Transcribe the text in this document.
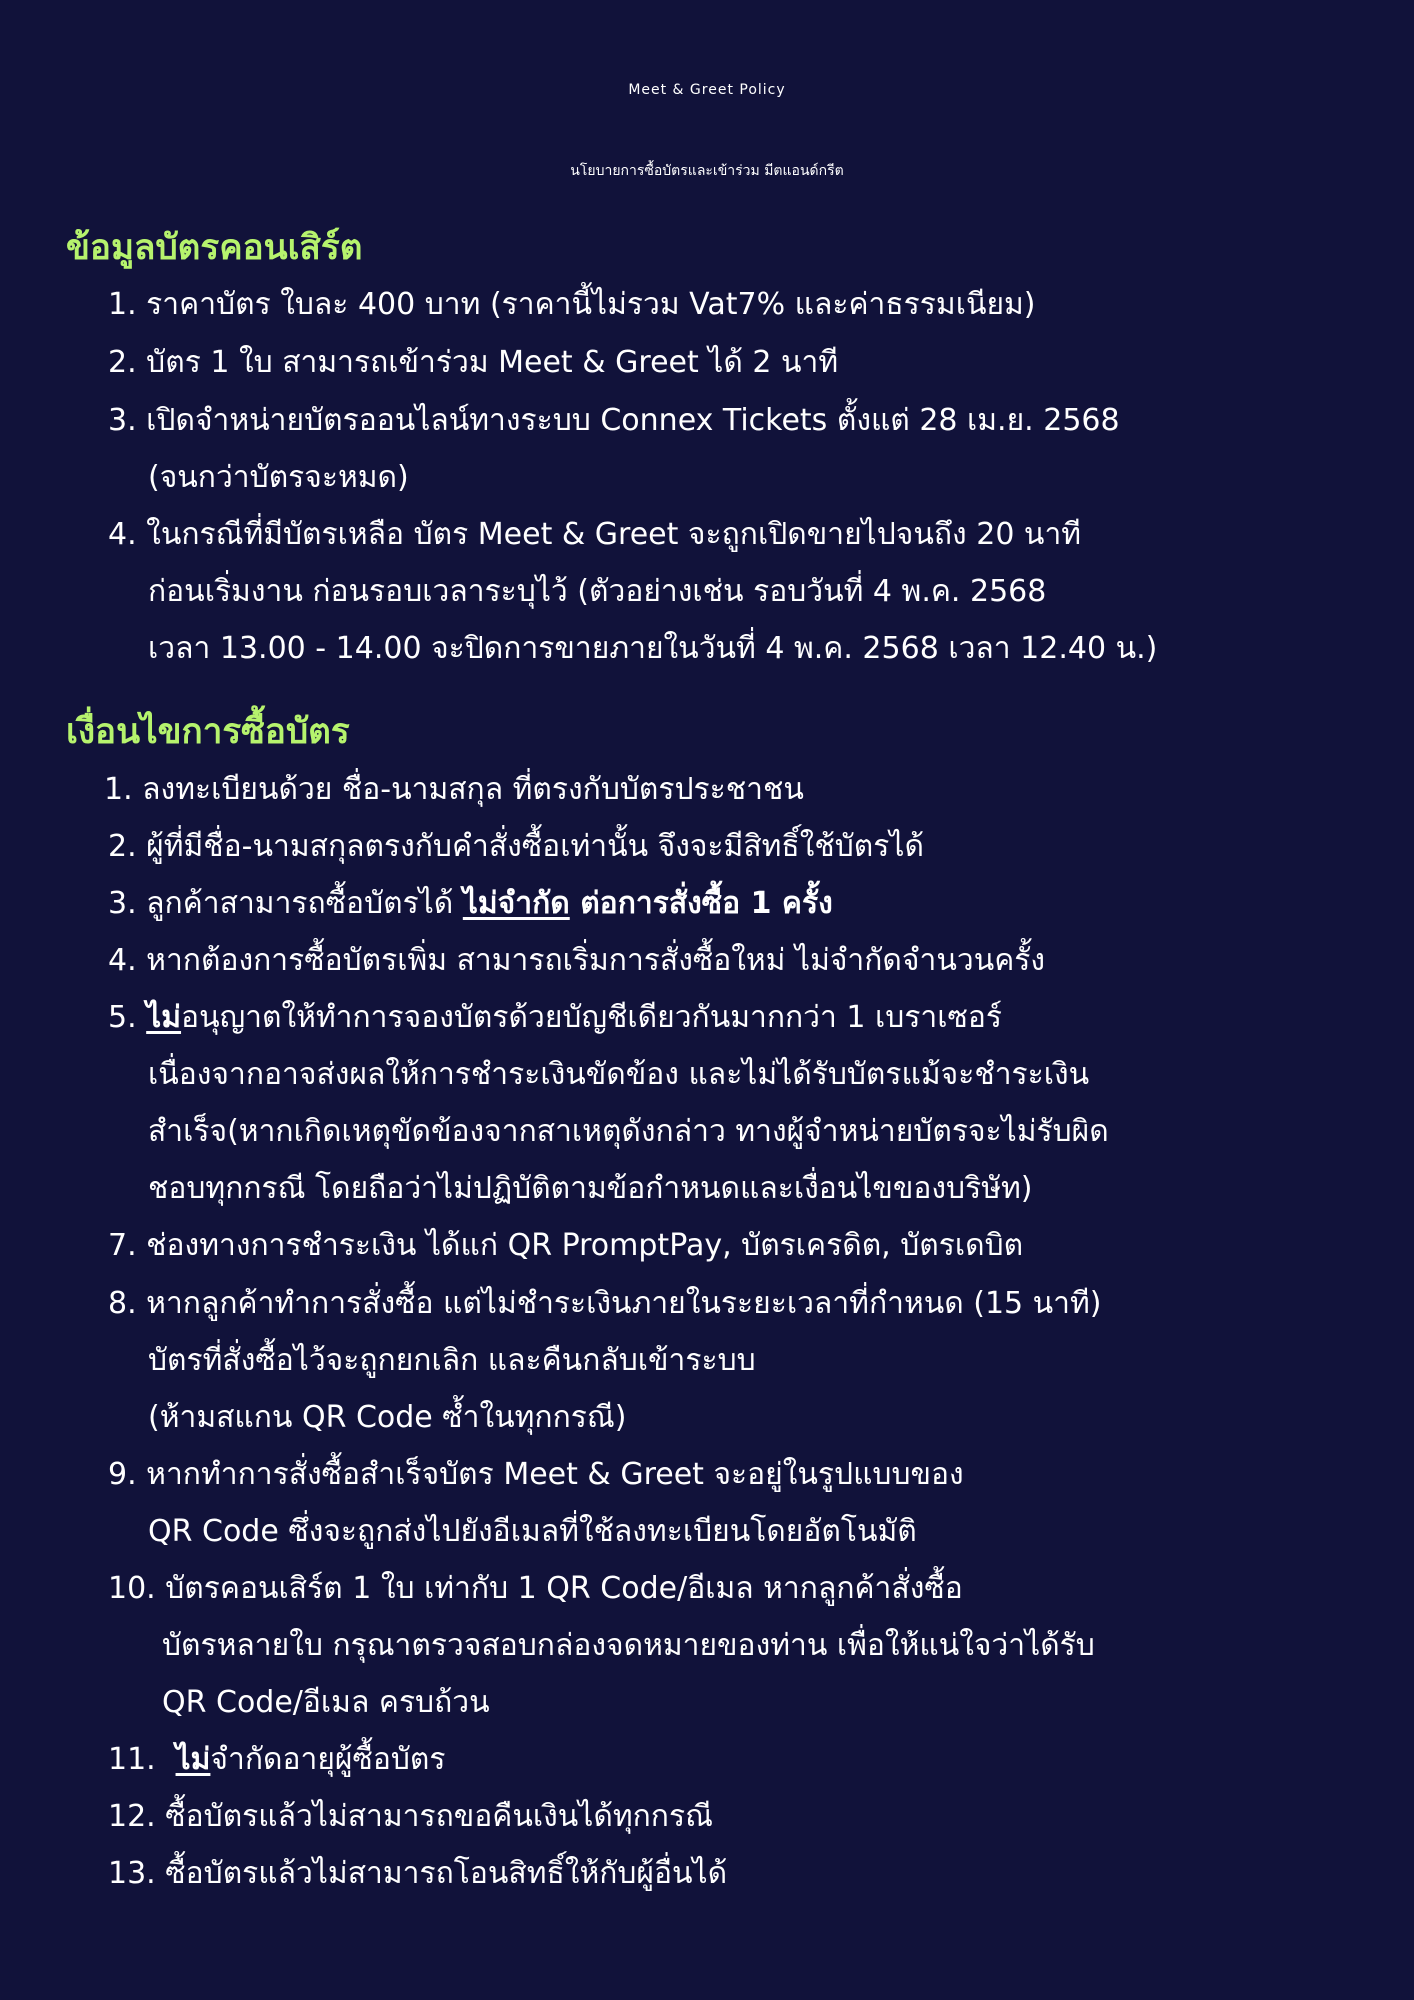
Meet & Greet Policy
นโยบายการซื้อบัตรและเข้าร่วม มีตแอนด์กรีต
ข้อมูลบัตรคอนเสิร์ต
1. ราคาบัตร ใบละ 400 บาท (ราคานี้ไม่รวม Vat7% และค่าธรรมเนียม)
2. บัตร 1 ใบ สามารถเข้าร่วม Meet & Greet ได้ 2 นาที
3. เปิดจำหน่ายบัตรออนไลน์ทางระบบ Connex Tickets ตั้งแต่ 28 เม.ย. 2568
(จนกว่าบัตรจะหมด)
4. ในกรณีที่มีบัตรเหลือ บัตร Meet & Greet จะถูกเปิดขายไปจนถึง 20 นาที
ก่อนเริ่มงาน ก่อนรอบเวลาระบุไว้ (ตัวอย่างเช่น รอบวันที่ 4 พ.ค. 2568
เวลา 13.00 - 14.00 จะปิดการขายภายในวันที่ 4 พ.ค. 2568 เวลา 12.40 น.)
เงื่อนไขการซื้อบัตร
1. ลงทะเบียนด้วย ชื่อ-นามสกุล ที่ตรงกับบัตรประชาชน
2. ผู้ที่มีชื่อ-นามสกุลตรงกับคำสั่งซื้อเท่านั้น จึงจะมีสิทธิ์ใช้บัตรได้
3. ลูกค้าสามารถซื้อบัตรได้ ไม่จำกัด ต่อการสั่งซื้อ 1 ครั้ง
4. หากต้องการซื้อบัตรเพิ่ม สามารถเริ่มการสั่งซื้อใหม่ ไม่จำกัดจำนวนครั้ง
5. ไม่อนุญาตให้ทำการจองบัตรด้วยบัญชีเดียวกันมากกว่า 1 เบราเซอร์
เนื่องจากอาจส่งผลให้การชำระเงินขัดข้อง และไม่ได้รับบัตรแม้จะชำระเงิน
สำเร็จ(หากเกิดเหตุขัดข้องจากสาเหตุดังกล่าว ทางผู้จำหน่ายบัตรจะไม่รับผิด
ชอบทุกกรณี โดยถือว่าไม่ปฏิบัติตามข้อกำหนดและเงื่อนไขของบริษัท)
7. ช่องทางการชำระเงิน ได้แก่ QR PromptPay, บัตรเครดิต, บัตรเดบิต
8. หากลูกค้าทำการสั่งซื้อ แต่ไม่ชำระเงินภายในระยะเวลาที่กำหนด (15 นาที)
บัตรที่สั่งซื้อไว้จะถูกยกเลิก และคืนกลับเข้าระบบ
(ห้ามสแกน QR Code ซ้ำในทุกกรณี)
9. หากทำการสั่งซื้อสำเร็จบัตร Meet & Greet จะอยู่ในรูปแบบของ
QR Code ซึ่งจะถูกส่งไปยังอีเมลที่ใช้ลงทะเบียนโดยอัตโนมัติ
10. บัตรคอนเสิร์ต 1 ใบ เท่ากับ 1 QR Code/อีเมล หากลูกค้าสั่งซื้อ
บัตรหลายใบ กรุณาตรวจสอบกล่องจดหมายของท่าน เพื่อให้แน่ใจว่าได้รับ
QR Code/อีเมล ครบถ้วน
11. ไม่จำกัดอายุผู้ซื้อบัตร
12. ซื้อบัตรแล้วไม่สามารถขอคืนเงินได้ทุกกรณี
13. ซื้อบัตรแล้วไม่สามารถโอนสิทธิ์ให้กับผู้อื่นได้
